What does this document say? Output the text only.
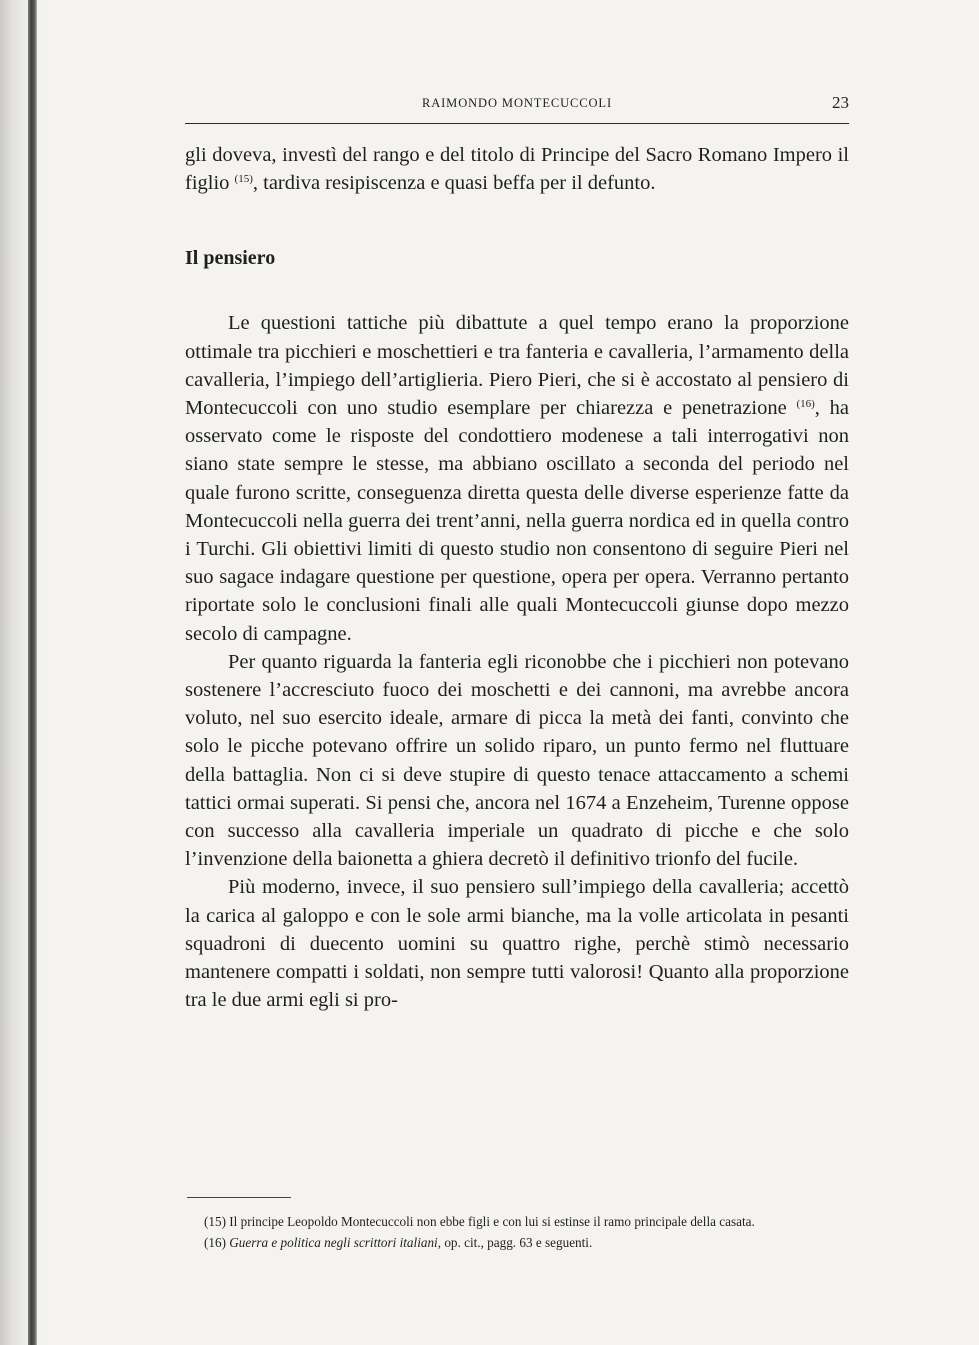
RAIMONDO MONTECUCCOLI	23

gli doveva, investì del rango e del titolo di Principe del Sacro Romano Impero il figlio $^{(15)}$, tardiva resipiscenza e quasi beffa per il defunto.

Il pensiero

Le questioni tattiche più dibattute a quel tempo erano la proporzione ottimale tra picchieri e moschettieri e tra fanteria e cavalleria, l’armamento della cavalleria, l’impiego dell’artiglieria. Piero Pieri, che si è accostato al pensiero di Montecuccoli con uno studio esemplare per chiarezza e penetrazione $^{(16)}$, ha osservato come le risposte del condottiero modenese a tali interrogativi non siano state sempre le stesse, ma abbiano oscillato a seconda del periodo nel quale furono scritte, conseguenza diretta questa delle diverse esperienze fatte da Montecuccoli nella guerra dei trent’anni, nella guerra nordica ed in quella contro i Turchi. Gli obiettivi limiti di questo studio non consentono di seguire Pieri nel suo sagace indagare questione per questione, opera per opera. Verranno pertanto riportate solo le conclusioni finali alle quali Montecuccoli giunse dopo mezzo secolo di campagne.

Per quanto riguarda la fanteria egli riconobbe che i picchieri non potevano sostenere l’accresciuto fuoco dei moschetti e dei cannoni, ma avrebbe ancora voluto, nel suo esercito ideale, armare di picca la metà dei fanti, convinto che solo le picche potevano offrire un solido riparo, un punto fermo nel fluttuare della battaglia. Non ci si deve stupire di questo tenace attaccamento a schemi tattici ormai superati. Si pensi che, ancora nel 1674 a Enzeheim, Turenne oppose con successo alla cavalleria imperiale un quadrato di picche e che solo l’invenzione della baionetta a ghiera decretò il definitivo trionfo del fucile.

Più moderno, invece, il suo pensiero sull’impiego della cavalleria; accettò la carica al galoppo e con le sole armi bianche, ma la volle articolata in pesanti squadroni di duecento uomini su quattro righe, perchè stimò necessario mantenere compatti i soldati, non sempre tutti valorosi! Quanto alla proporzione tra le due armi egli si pro-

(15) Il principe Leopoldo Montecuccoli non ebbe figli e con lui si estinse il ramo principale della casata.

(16) Guerra e politica negli scrittori italiani, op. cit., pagg. 63 e seguenti.
